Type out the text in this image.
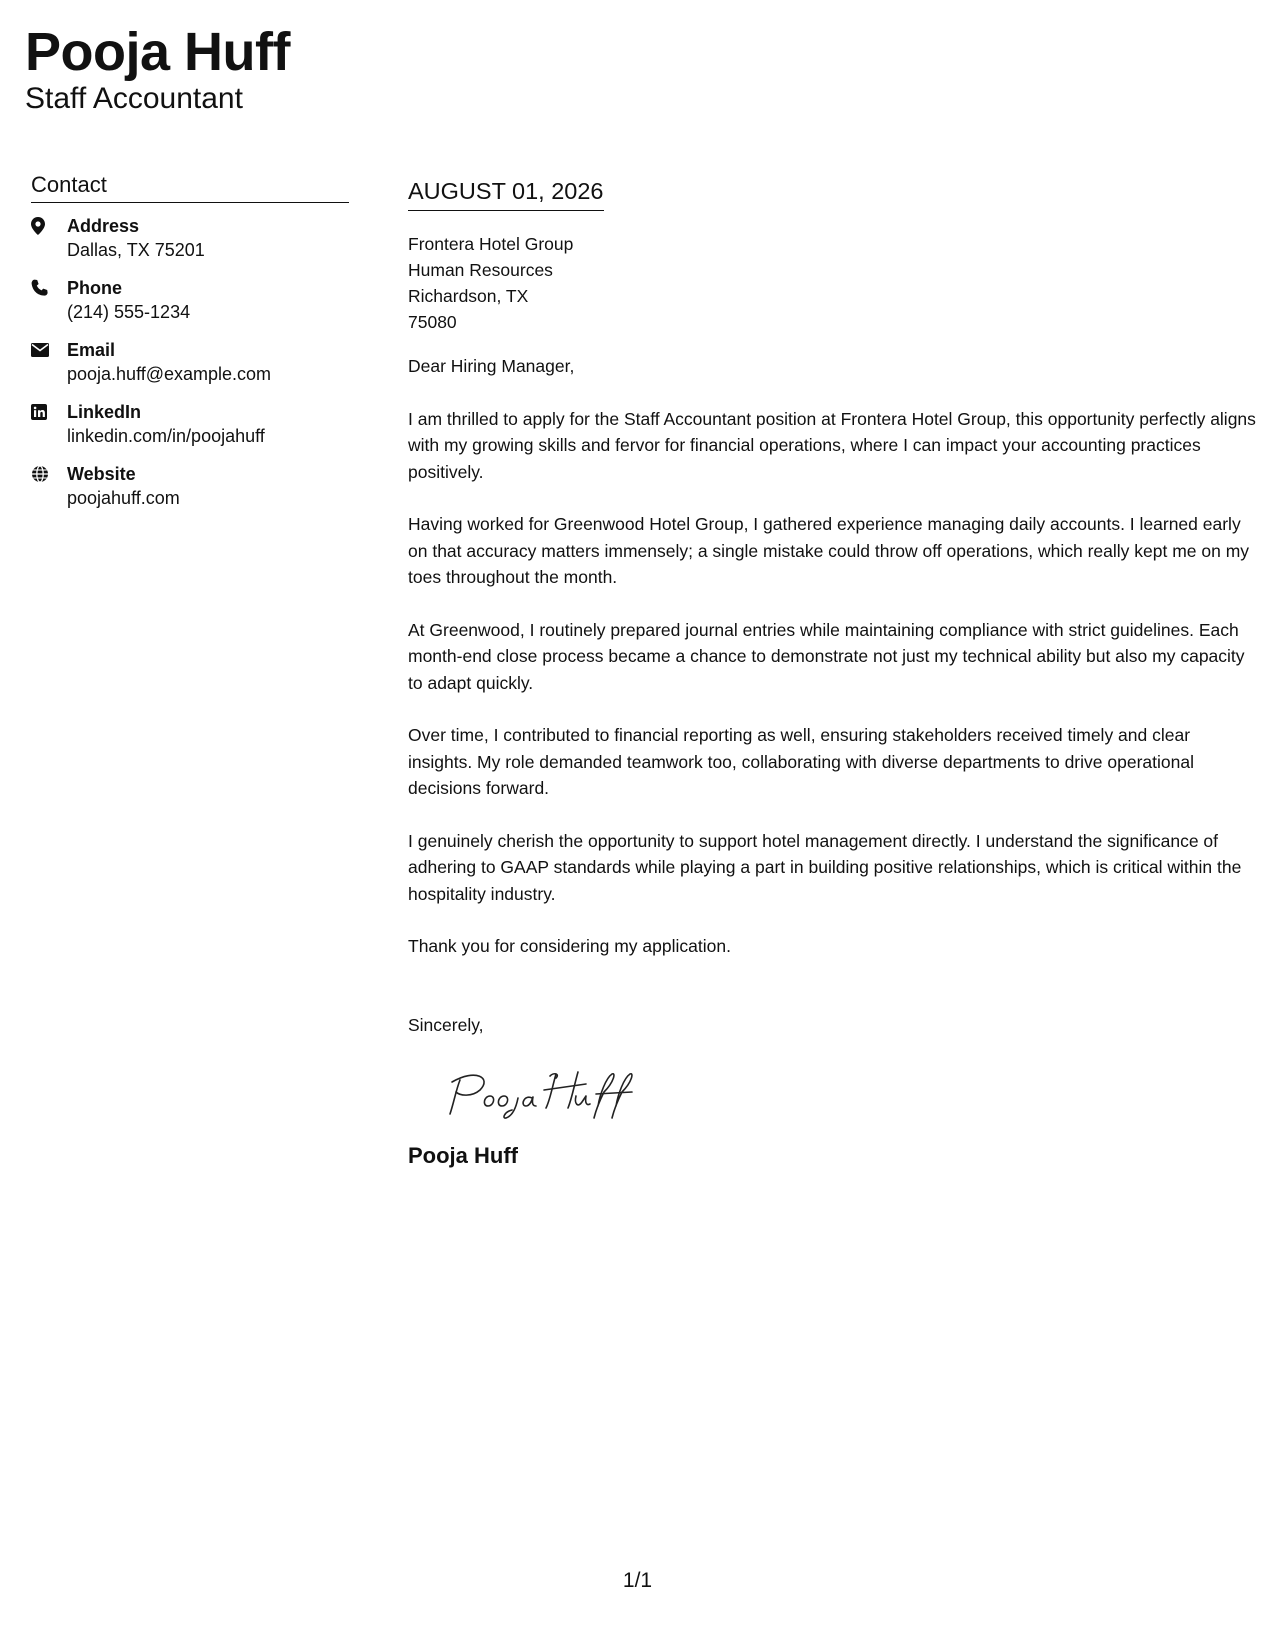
Pooja Huff
Staff Accountant
Contact
Address
Dallas, TX 75201
Phone
(214) 555-1234
Email
pooja.huff@example.com
LinkedIn
linkedin.com/in/poojahuff
Website
poojahuff.com
AUGUST 01, 2026
Frontera Hotel Group
Human Resources
Richardson, TX
75080
Dear Hiring Manager,

I am thrilled to apply for the Staff Accountant position at Frontera Hotel Group, this opportunity perfectly aligns with my growing skills and fervor for financial operations, where I can impact your accounting practices positively.

Having worked for Greenwood Hotel Group, I gathered experience managing daily accounts. I learned early on that accuracy matters immensely; a single mistake could throw off operations, which really kept me on my toes throughout the month.

At Greenwood, I routinely prepared journal entries while maintaining compliance with strict guidelines. Each month-end close process became a chance to demonstrate not just my technical ability but also my capacity to adapt quickly.

Over time, I contributed to financial reporting as well, ensuring stakeholders received timely and clear insights. My role demanded teamwork too, collaborating with diverse departments to drive operational decisions forward.

I genuinely cherish the opportunity to support hotel management directly. I understand the significance of adhering to GAAP standards while playing a part in building positive relationships, which is critical within the hospitality industry.

Thank you for considering my application.

Sincerely,
Pooja Huff
1/1
